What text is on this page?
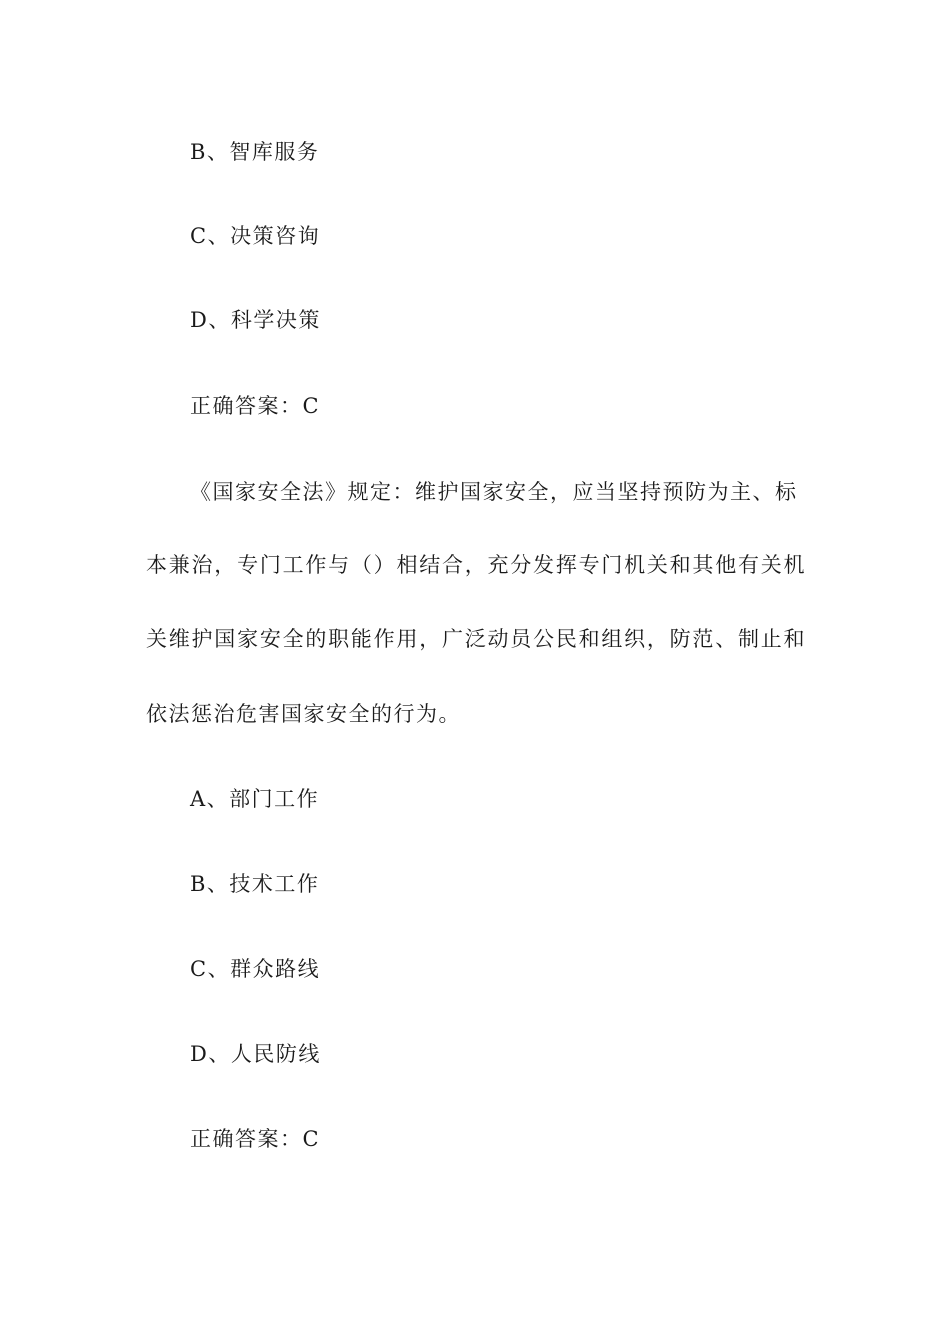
B、智库服务
C、决策咨询
D、科学决策
正确答案：C
《国家安全法》规定：维护国家安全，应当坚持预防为主、标
本兼治，专门工作与（）相结合，充分发挥专门机关和其他有关机
关维护国家安全的职能作用，广泛动员公民和组织，防范、制止和
依法惩治危害国家安全的行为。
A、部门工作
B、技术工作
C、群众路线
D、人民防线
正确答案：C
